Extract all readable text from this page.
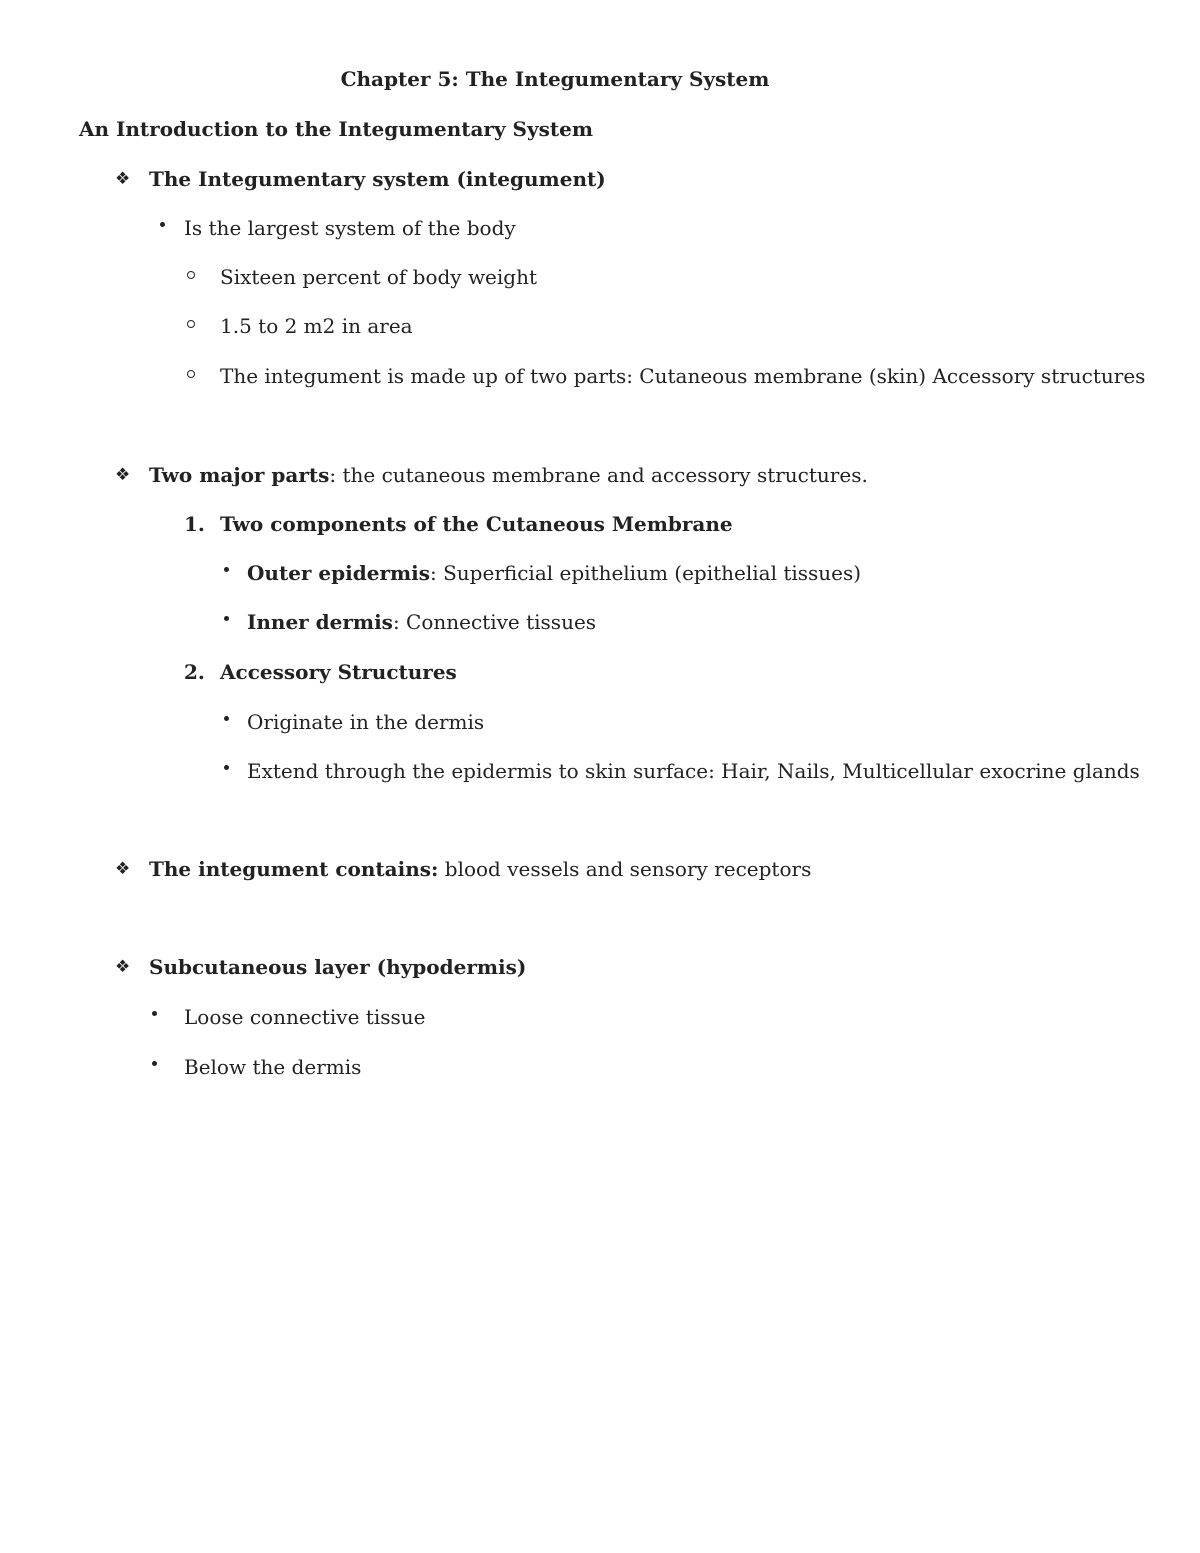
Chapter 5: The Integumentary System
An Introduction to the Integumentary System
❖ The Integumentary system (integument)
Is the largest system of the body
Sixteen percent of body weight
1.5 to 2 m2 in area
The integument is made up of two parts: Cutaneous membrane (skin) Accessory structures
❖ Two major parts: the cutaneous membrane and accessory structures.
1. Two components of the Cutaneous Membrane
Outer epidermis: Superficial epithelium (epithelial tissues)
Inner dermis: Connective tissues
2. Accessory Structures
Originate in the dermis
Extend through the epidermis to skin surface: Hair, Nails, Multicellular exocrine glands
❖ The integument contains: blood vessels and sensory receptors
❖ Subcutaneous layer (hypodermis)
Loose connective tissue
Below the dermis
